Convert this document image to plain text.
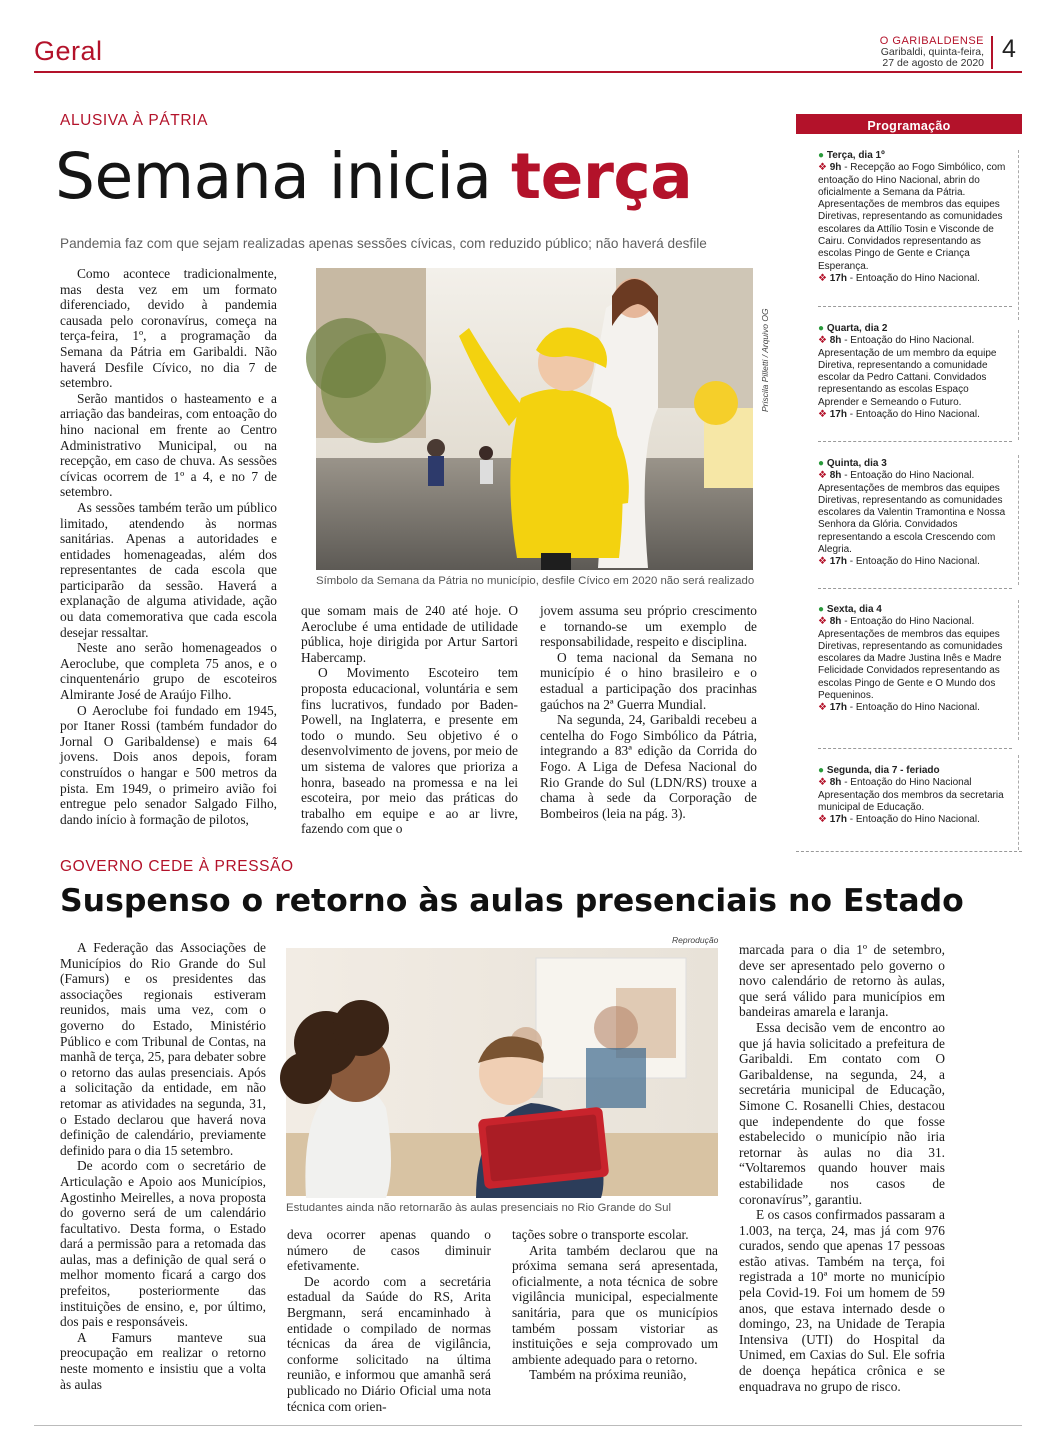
Geral	O GARIBALDENSE
Garibaldi, quinta-feira,
27 de agosto de 2020 4
ALUSIVA À PÁTRIA
Semana inicia terça
Pandemia faz com que sejam realizadas apenas sessões cívicas, com reduzido público; não haverá desfile

Como acontece tradicionalmente, mas desta vez em um formato diferenciado, devido à pandemia causada pelo coronavírus, começa na terça-feira, 1º, a programação da Semana da Pátria em Garibaldi. Não haverá Desfile Cívico, no dia 7 de setembro.

Serão mantidos o hasteamento e a arriação das bandeiras, com entoação do hino nacional em frente ao Centro Administrativo Municipal, ou na recepção, em caso de chuva. As sessões cívicas ocorrem de 1º a 4, e no 7 de setembro.

As sessões também terão um público limitado, atendendo às normas sanitárias. Apenas a autoridades e entidades homenageadas, além dos representantes de cada escola que participarão da sessão. Haverá a explanação de alguma atividade, ação ou data comemorativa que cada escola desejar ressaltar.

Neste ano serão homenageados o Aeroclube, que completa 75 anos, e o cinquentenário grupo de escoteiros Almirante José de Araújo Filho.

O Aeroclube foi fundado em 1945, por Itaner Rossi (também fundador do Jornal O Garibaldense) e mais 64 jovens. Dois anos depois, foram construídos o hangar e 500 metros da pista. Em 1949, o primeiro avião foi entregue pelo senador Salgado Filho, dando início à formação de pilotos,

Priscila Pilletti / Arquivo OG
Símbolo da Semana da Pátria no município, desfile Cívico em 2020 não será realizado

que somam mais de 240 até hoje. O Aeroclube é uma entidade de utilidade pública, hoje dirigida por Artur Sartori Habercamp.

O Movimento Escoteiro tem proposta educacional, voluntária e sem fins lucrativos, fundado por Baden-Powell, na Inglaterra, e presente em todo o mundo. Seu objetivo é o desenvolvimento de jovens, por meio de um sistema de valores que prioriza a honra, baseado na promessa e na lei escoteira, por meio das práticas do trabalho em equipe e ao ar livre, fazendo com que o

jovem assuma seu próprio crescimento e tornando-se um exemplo de responsabilidade, respeito e disciplina.

O tema nacional da Semana no município é o hino brasileiro e o estadual a participação dos pracinhas gaúchos na 2ª Guerra Mundial.

Na segunda, 24, Garibaldi recebeu a centelha do Fogo Simbólico da Pátria, integrando a 83ª edição da Corrida do Fogo. A Liga de Defesa Nacional do Rio Grande do Sul (LDN/RS) trouxe a chama à sede da Corporação de Bombeiros (leia na pág. 3).

Programação
● Terça, dia 1º
❖ 9h - Recepção ao Fogo Simbólico, com entoação do Hino Nacional, abrin do oficialmente a Semana da Pátria. Apresentações de membros das equipes Diretivas, representando as comunidades escolares da Attílio Tosin e Visconde de Cairu. Convidados representando as escolas Pingo de Gente e Criança Esperança.
❖ 17h - Entoação do Hino Nacional.
● Quarta, dia 2
❖ 8h - Entoação do Hino Nacional. Apresentação de um membro da equipe Diretiva, representando a comunidade escolar da Pedro Cattani. Convidados representando as escolas Espaço Aprender e Semeando o Futuro.
❖ 17h - Entoação do Hino Nacional.
● Quinta, dia 3
❖ 8h - Entoação do Hino Nacional. Apresentações de membros das equipes Diretivas, representando as comunidades escolares da Valentin Tramontina e Nossa Senhora da Glória. Convidados representando a escola Crescendo com Alegria.
❖ 17h - Entoação do Hino Nacional.
● Sexta, dia 4
❖ 8h - Entoação do Hino Nacional. Apresentações de membros das equipes Diretivas, representando as comunidades escolares da Madre Justina Inês e Madre Felicidade Convidados representando as escolas Pingo de Gente e O Mundo dos Pequeninos.
❖ 17h - Entoação do Hino Nacional.
● Segunda, dia 7 - feriado
❖ 8h - Entoação do Hino Nacional Apresentação dos membros da secretaria municipal de Educação.
❖ 17h - Entoação do Hino Nacional.
GOVERNO CEDE À PRESSÃO
Suspenso o retorno às aulas presenciais no Estado

A Federação das Associações de Municípios do Rio Grande do Sul (Famurs) e os presidentes das associações regionais estiveram reunidos, mais uma vez, com o governo do Estado, Ministério Público e com Tribunal de Contas, na manhã de terça, 25, para debater sobre o retorno das aulas presenciais. Após a solicitação da entidade, em não retomar as atividades na segunda, 31, o Estado declarou que haverá nova definição de calendário, previamente definido para o dia 15 setembro.

De acordo com o secretário de Articulação e Apoio aos Municípios, Agostinho Meirelles, a nova proposta do governo será de um calendário facultativo. Desta forma, o Estado dará a permissão para a retomada das aulas, mas a definição de qual será o melhor momento ficará a cargo dos prefeitos, posteriormente das instituições de ensino, e, por último, dos pais e responsáveis.

A Famurs manteve sua preocupação em realizar o retorno neste momento e insistiu que a volta às aulas

Reprodução
Estudantes ainda não retornarão às aulas presenciais no Rio Grande do Sul

deva ocorrer apenas quando o número de casos diminuir efetivamente.

De acordo com a secretária estadual da Saúde do RS, Arita Bergmann, será encaminhado à entidade o compilado de normas técnicas da área de vigilância, conforme solicitado na última reunião, e informou que amanhã será publicado no Diário Oficial uma nota técnica com orien-

tações sobre o transporte escolar.

Arita também declarou que na próxima semana será apresentada, oficialmente, a nota técnica de sobre vigilância municipal, especialmente sanitária, para que os municípios também possam vistoriar as instituições e seja comprovado um ambiente adequado para o retorno.

Também na próxima reunião,

marcada para o dia 1º de setembro, deve ser apresentado pelo governo o novo calendário de retorno às aulas, que será válido para municípios em bandeiras amarela e laranja.

Essa decisão vem de encontro ao que já havia solicitado a prefeitura de Garibaldi. Em contato com O Garibaldense, na segunda, 24, a secretária municipal de Educação, Simone C. Rosanelli Chies, destacou que independente do que fosse estabelecido o município não iria retornar às aulas no dia 31. “Voltaremos quando houver mais estabilidade nos casos de coronavírus”, garantiu.

E os casos confirmados passaram a 1.003, na terça, 24, mas já com 976 curados, sendo que apenas 17 pessoas estão ativas. Também na terça, foi registrada a 10ª morte no município pela Covid-19. Foi um homem de 59 anos, que estava internado desde o domingo, 23, na Unidade de Terapia Intensiva (UTI) do Hospital da Unimed, em Caxias do Sul. Ele sofria de doença hepática crônica e se enquadrava no grupo de risco.
